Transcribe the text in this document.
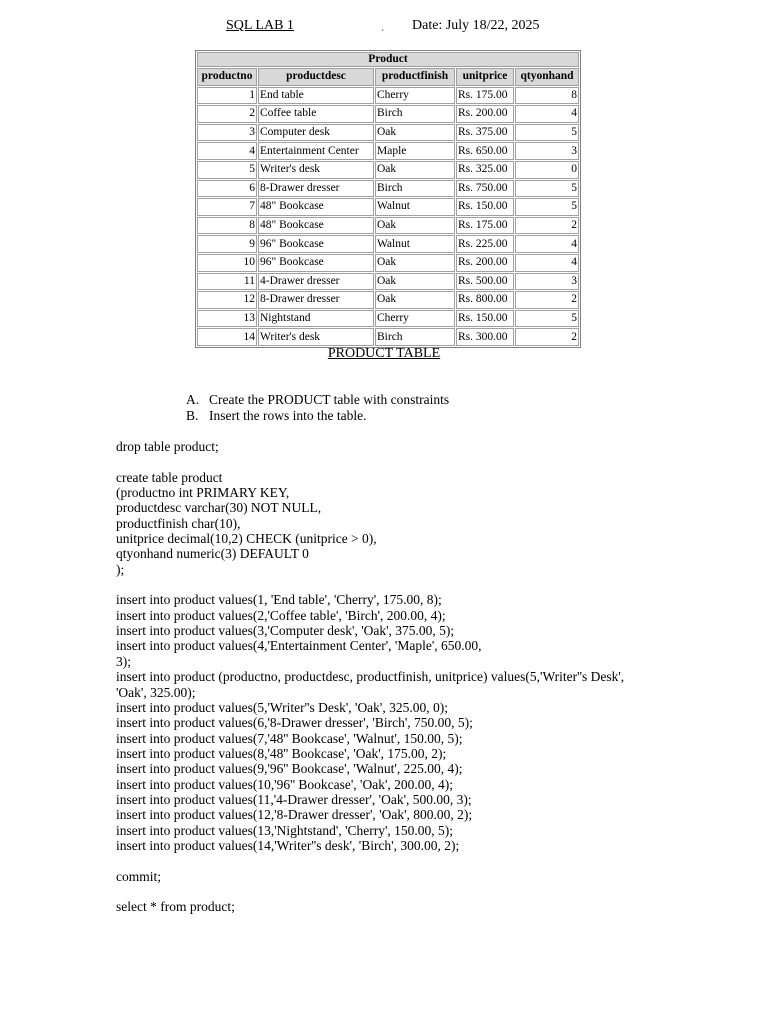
SQL LAB 1	` Date: July 18/22, 2025
Product				
productno	productdesc	productfinish	unitprice	qtyonhand
1	End table	Cherry	Rs. 175.00	8
2	Coffee table	Birch	Rs. 200.00	4
3	Computer desk	Oak	Rs. 375.00	5
4	Entertainment Center	Maple	Rs. 650.00	3
5	Writer's desk	Oak	Rs. 325.00	0
6	8-Drawer dresser	Birch	Rs. 750.00	5
7	48" Bookcase	Walnut	Rs. 150.00	5
8	48" Bookcase	Oak	Rs. 175.00	2
9	96" Bookcase	Walnut	Rs. 225.00	4
10	96" Bookcase	Oak	Rs. 200.00	4
11	4-Drawer dresser	Oak	Rs. 500.00	3
12	8-Drawer dresser	Oak	Rs. 800.00	2
13	Nightstand	Cherry	Rs. 150.00	5
14	Writer's desk	Birch	Rs. 300.00	2
PRODUCT TABLE
A. Create the PRODUCT table with constraints
B. Insert the rows into the table.
drop table product;
create table product
(productno int PRIMARY KEY,
productdesc varchar(30) NOT NULL,
productfinish char(10),
unitprice decimal(10,2) CHECK (unitprice > 0),
qtyonhand numeric(3) DEFAULT 0
);
insert into product values(1, 'End table', 'Cherry', 175.00, 8);
insert into product values(2,'Coffee table', 'Birch', 200.00, 4);
insert into product values(3,'Computer desk', 'Oak', 375.00, 5);
insert into product values(4,'Entertainment Center', 'Maple', 650.00,
3);
insert into product (productno, productdesc, productfinish, unitprice) values(5,'Writer''s Desk',
'Oak', 325.00);
insert into product values(5,'Writer''s Desk', 'Oak', 325.00, 0);
insert into product values(6,'8-Drawer dresser', 'Birch', 750.00, 5);
insert into product values(7,'48'' Bookcase', 'Walnut', 150.00, 5);
insert into product values(8,'48'' Bookcase', 'Oak', 175.00, 2);
insert into product values(9,'96'' Bookcase', 'Walnut', 225.00, 4);
insert into product values(10,'96'' Bookcase', 'Oak', 200.00, 4);
insert into product values(11,'4-Drawer dresser', 'Oak', 500.00, 3);
insert into product values(12,'8-Drawer dresser', 'Oak', 800.00, 2);
insert into product values(13,'Nightstand', 'Cherry', 150.00, 5);
insert into product values(14,'Writer''s desk', 'Birch', 300.00, 2);
commit;
select * from product;
